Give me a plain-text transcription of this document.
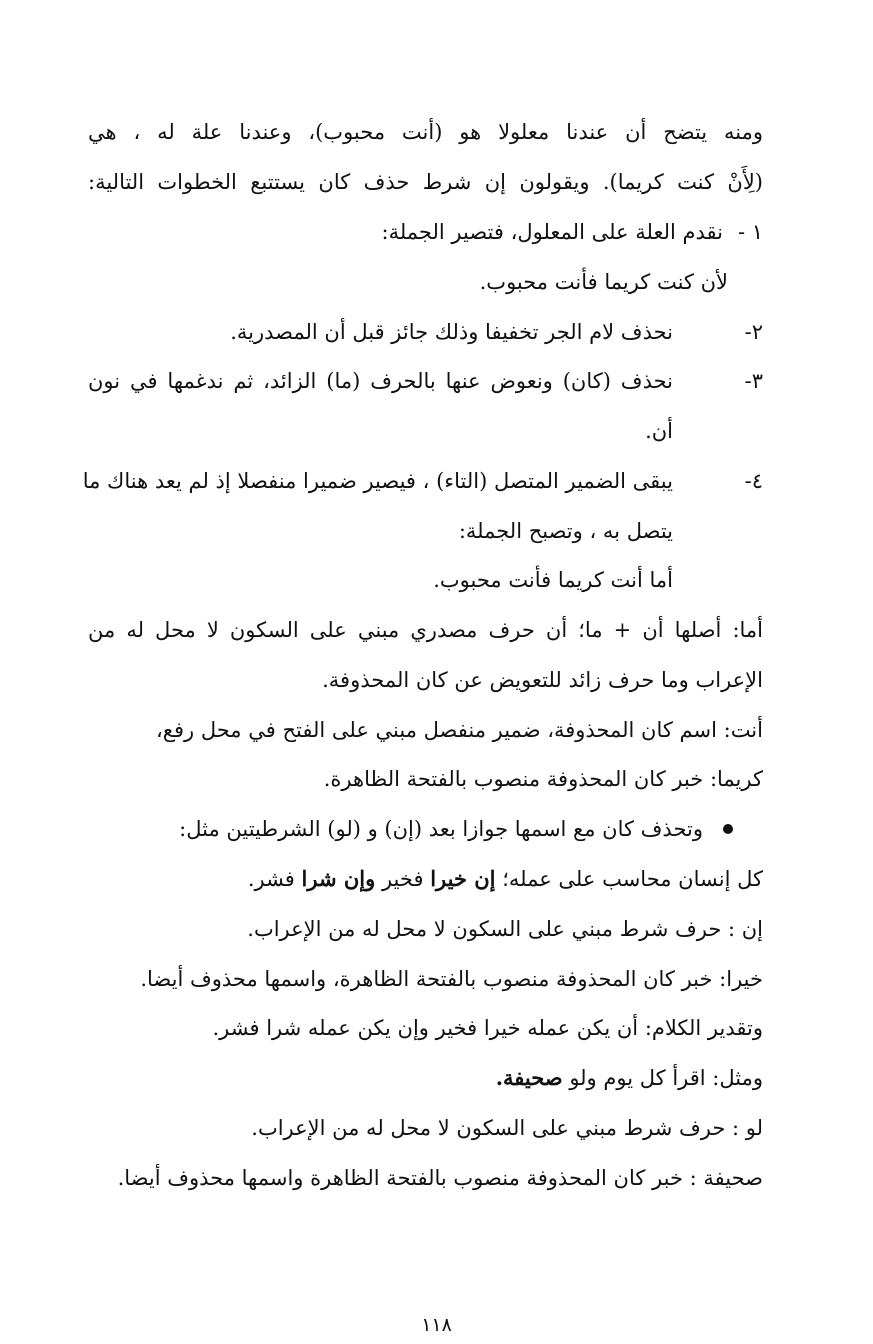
ومنه يتضح أن عندنا معلولا هو (أنت محبوب)، وعندنا علة له ، هي
(لِأَنْ كنت كريما). ويقولون إن شرط حذف كان يستتبع الخطوات التالية:
١ -
نقدم العلة على المعلول، فتصير الجملة:
لأن كنت كريما فأنت محبوب.
٢-
نحذف لام الجر تخفيفا وذلك جائز قبل أن المصدرية.
٣-
نحذف (كان) ونعوض عنها بالحرف (ما) الزائد، ثم ندغمها في نون
أن.
٤-
يبقى الضمير المتصل (التاء) ، فيصير ضميرا منفصلا إذ لم يعد هناك ما
يتصل به ، وتصبح الجملة:
أما أنت كريما فأنت محبوب.
أما: أصلها أن + ما؛ أن حرف مصدري مبني على السكون لا محل له من
الإعراب وما حرف زائد للتعويض عن كان المحذوفة.
أنت: اسم كان المحذوفة، ضمير منفصل مبني على الفتح في محل رفع،
كريما: خبر كان المحذوفة منصوب بالفتحة الظاهرة.
وتحذف كان مع اسمها جوازا بعد (إن) و (لو) الشرطيتين مثل:
كل إنسان محاسب على عمله؛ إن خيرا فخير وإن شرا فشر.
إن : حرف شرط مبني على السكون لا محل له من الإعراب.
خيرا: خبر كان المحذوفة منصوب بالفتحة الظاهرة، واسمها محذوف أيضا.
وتقدير الكلام: أن يكن عمله خيرا فخير وإن يكن عمله شرا فشر.
ومثل: اقرأ كل يوم ولو صحيفة.
لو : حرف شرط مبني على السكون لا محل له من الإعراب.
صحيفة : خبر كان المحذوفة منصوب بالفتحة الظاهرة واسمها محذوف أيضا.
١١٨
